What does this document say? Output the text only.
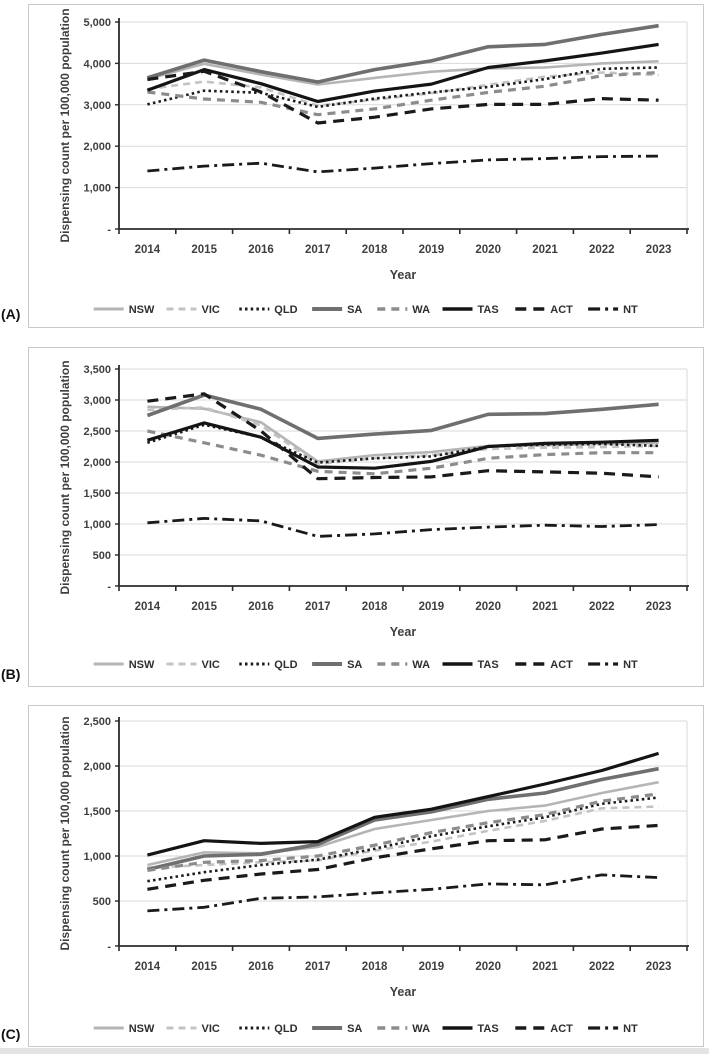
-
1,000
2,000
3,000
4,000
5,000
2014	2015	2016	2017	2018	2019	2020	2021	2022	2023
Year
Dispensing count per 100,000 population
NSW	VIC	QLD	SA	WA	TAS	ACT	NT
-
500
1,000
1,500
2,000
2,500
3,000
3,500
2014	2015	2016	2017	2018	2019	2020	2021	2022	2023
Year
Dispensing count per 100,000 population
NSW	VIC	QLD	SA	WA	TAS	ACT	NT
-
500
1,000
1,500
2,000
2,500
2014	2015	2016	2017	2018	2019	2020	2021	2022	2023
Year
Dispensing count per 100,000 population
NSW	VIC	QLD	SA	WA	TAS	ACT	NT
(A)
(B)
(C)
